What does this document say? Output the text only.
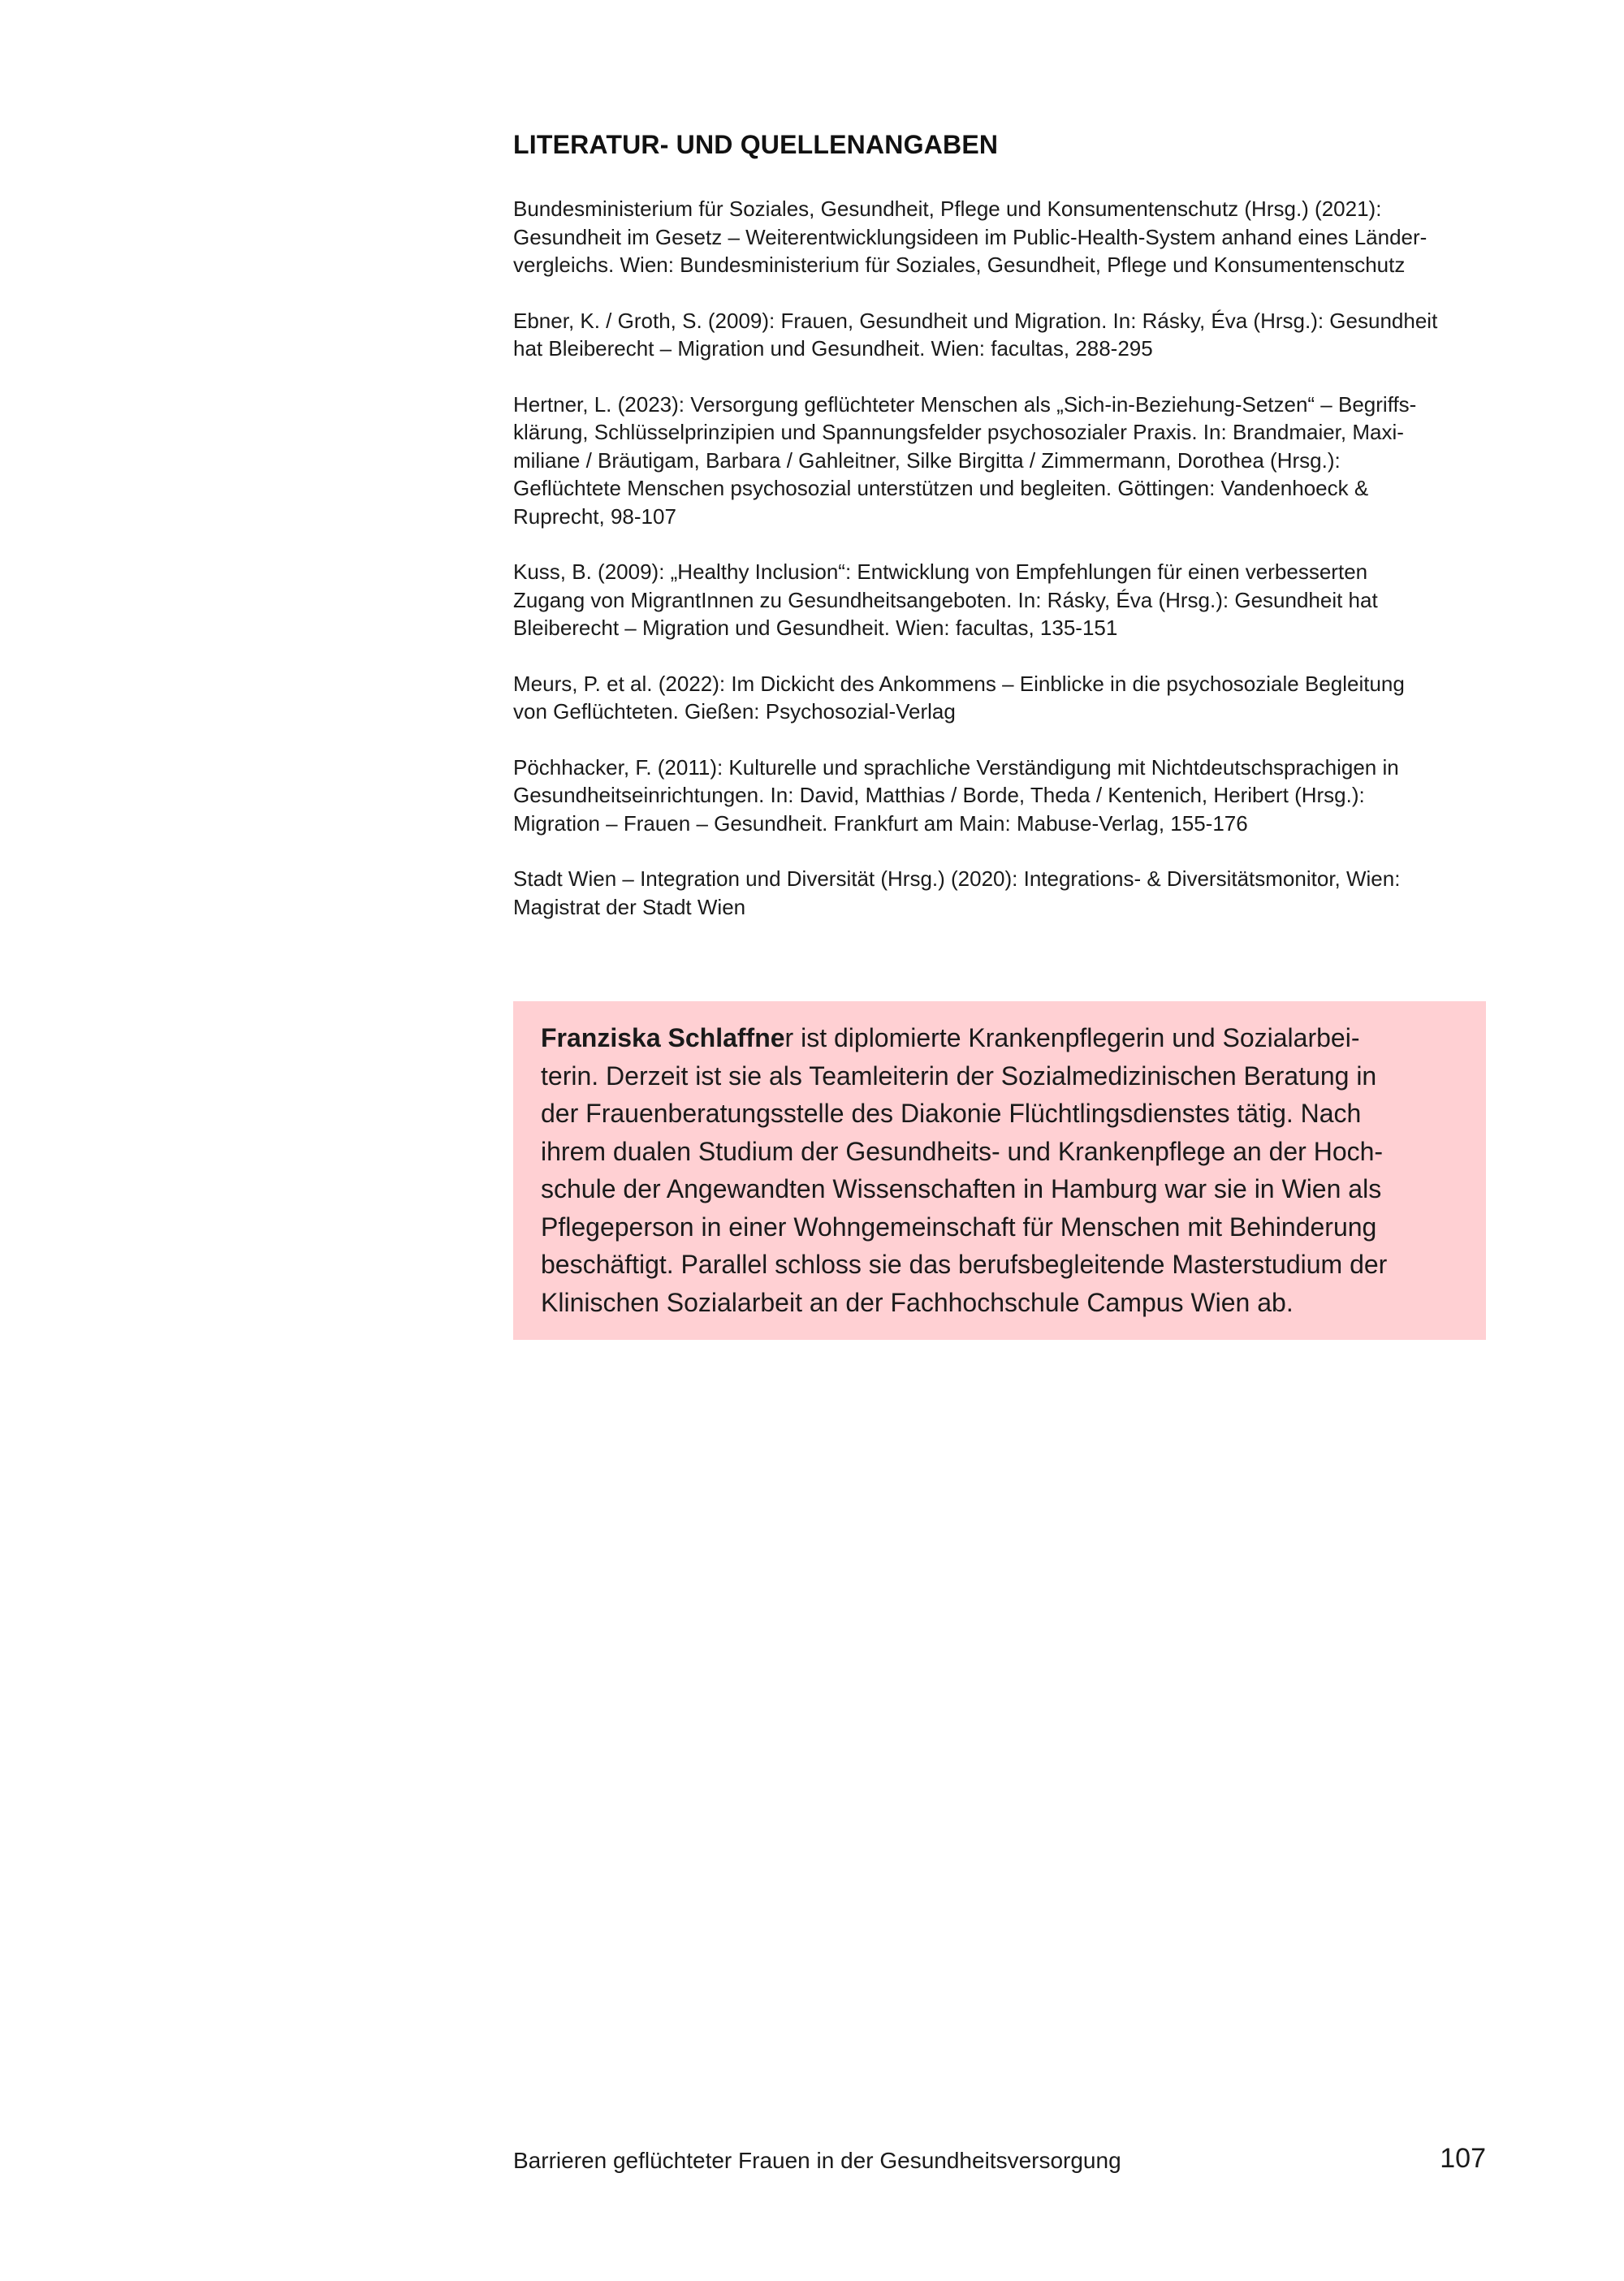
LITERATUR- UND QUELLENANGABEN
Bundesministerium für Soziales, Gesundheit, Pflege und Konsumentenschutz (Hrsg.) (2021):
Gesundheit im Gesetz – Weiterentwicklungsideen im Public-Health-System anhand eines Länder-
vergleichs. Wien: Bundesministerium für Soziales, Gesundheit, Pflege und Konsumentenschutz
Ebner, K. / Groth, S. (2009): Frauen, Gesundheit und Migration. In: Rásky, Éva (Hrsg.): Gesundheit
hat Bleiberecht – Migration und Gesundheit. Wien: facultas, 288-295
Hertner, L. (2023): Versorgung geflüchteter Menschen als „Sich-in-Beziehung-Setzen“ – Begriffs-
klärung, Schlüsselprinzipien und Spannungsfelder psychosozialer Praxis. In: Brandmaier, Maxi-
miliane / Bräutigam, Barbara / Gahleitner, Silke Birgitta / Zimmermann, Dorothea (Hrsg.):
Geflüchtete Menschen psychosozial unterstützen und begleiten. Göttingen: Vandenhoeck &
Ruprecht, 98-107
Kuss, B. (2009): „Healthy Inclusion“: Entwicklung von Empfehlungen für einen verbesserten
Zugang von MigrantInnen zu Gesundheitsangeboten. In: Rásky, Éva (Hrsg.): Gesundheit hat
Bleiberecht – Migration und Gesundheit. Wien: facultas, 135-151
Meurs, P. et al. (2022): Im Dickicht des Ankommens – Einblicke in die psychosoziale Begleitung
von Geflüchteten. Gießen: Psychosozial-Verlag
Pöchhacker, F. (2011): Kulturelle und sprachliche Verständigung mit Nichtdeutschsprachigen in
Gesundheitseinrichtungen. In: David, Matthias / Borde, Theda / Kentenich, Heribert (Hrsg.):
Migration – Frauen – Gesundheit. Frankfurt am Main: Mabuse-Verlag, 155-176
Stadt Wien – Integration und Diversität (Hrsg.) (2020): Integrations- & Diversitätsmonitor, Wien:
Magistrat der Stadt Wien

Franziska Schlaffner ist diplomierte Krankenpflegerin und Sozialarbei-
terin. Derzeit ist sie als Teamleiterin der Sozialmedizinischen Beratung in
der Frauenberatungsstelle des Diakonie Flüchtlingsdienstes tätig. Nach
ihrem dualen Studium der Gesundheits- und Krankenpflege an der Hoch-
schule der Angewandten Wissenschaften in Hamburg war sie in Wien als
Pflegeperson in einer Wohngemeinschaft für Menschen mit Behinderung
beschäftigt. Parallel schloss sie das berufsbegleitende Masterstudium der
Klinischen Sozialarbeit an der Fachhochschule Campus Wien ab.

Barrieren geflüchteter Frauen in der Gesundheitsversorgung	107
